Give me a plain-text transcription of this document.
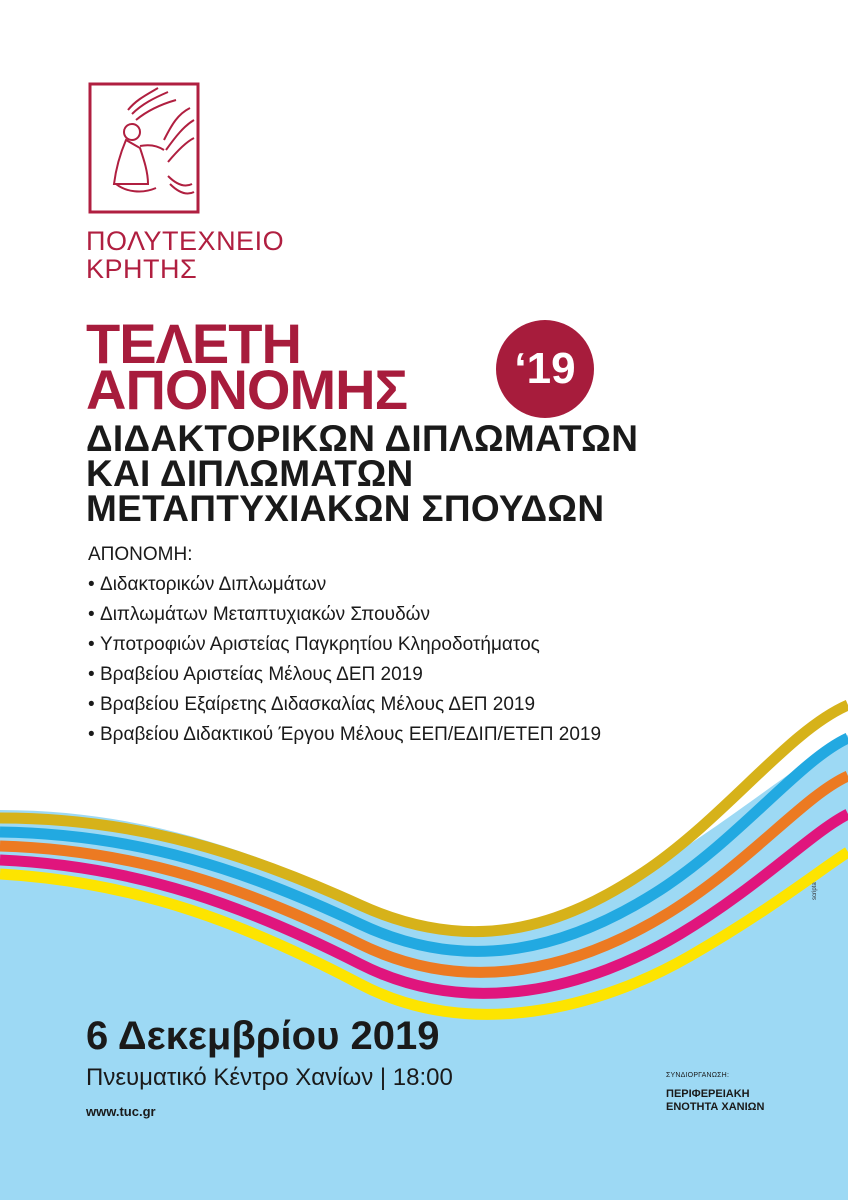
ΠΟΛΥΤΕΧΝΕΙΟ
ΚΡΗΤΗΣ
ΤΕΛΕΤΗ
ΑΠΟΝΟΜΗΣ	‘19
ΔΙΔΑΚΤΟΡΙΚΩΝ ΔΙΠΛΩΜΑΤΩΝ
ΚΑΙ ΔΙΠΛΩΜΑΤΩΝ
ΜΕΤΑΠΤΥΧΙΑΚΩΝ ΣΠΟΥΔΩΝ
ΑΠΟΝΟΜΗ:
• Διδακτορικών Διπλωμάτων
• Διπλωμάτων Μεταπτυχιακών Σπουδών
• Υποτροφιών Αριστείας Παγκρητίου Κληροδοτήματος
• Βραβείου Αριστείας Μέλους ΔΕΠ 2019
• Βραβείου Εξαίρετης Διδασκαλίας Μέλους ΔΕΠ 2019
• Βραβείου Διδακτικού Έργου Μέλους ΕΕΠ/ΕΔΙΠ/ΕΤΕΠ 2019
6 Δεκεμβρίου 2019
Πνευματικό Κέντρο Χανίων | 18:00
www.tuc.gr
ΣΥΝΔΙΟΡΓΑΝΩΣΗ:
ΠΕΡΙΦΕΡΕΙΑΚΗ
ΕΝΟΤΗΤΑ ΧΑΝΙΩΝ
scripta
